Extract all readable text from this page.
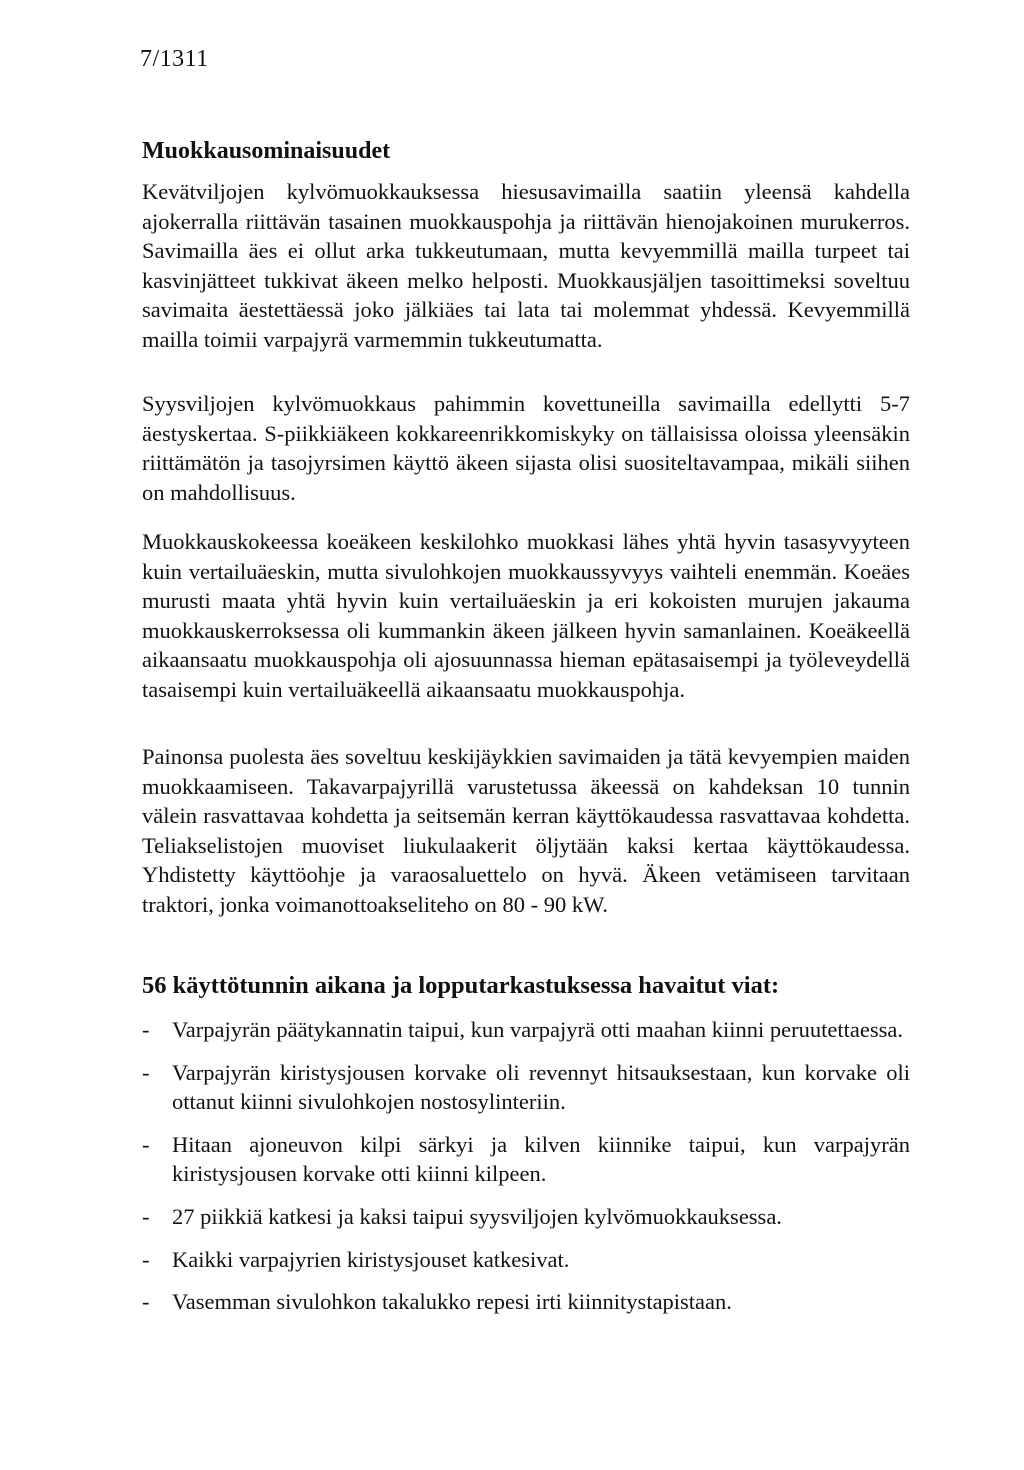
7/1311
Muokkausominaisuudet

Kevätviljojen kylvömuokkauksessa hiesusavimailla saatiin yleensä kahdella ajokerralla riittävän tasainen muokkauspohja ja riittävän hienojakoinen murukerros. Savimailla äes ei ollut arka tukkeutumaan, mutta kevyemmillä mailla turpeet tai kasvinjätteet tukkivat äkeen melko helposti. Muokkausjäljen tasoittimeksi soveltuu savimaita äestettäessä joko jälkiäes tai lata tai molemmat yhdessä. Kevyemmillä mailla toimii varpajyrä varmemmin tukkeutumatta.

Syysviljojen kylvömuokkaus pahimmin kovettuneilla savimailla edellytti 5-7 äestyskertaa. S-piikkiäkeen kokkareenrikkomiskyky on tällaisissa oloissa yleensäkin riittämätön ja tasojyrsimen käyttö äkeen sijasta olisi suositeltavampaa, mikäli siihen on mahdollisuus.

Muokkauskokeessa koeäkeen keskilohko muokkasi lähes yhtä hyvin tasasyvyyteen kuin vertailuäeskin, mutta sivulohkojen muokkaussyvyys vaihteli enemmän. Koeäes murusti maata yhtä hyvin kuin vertailuäeskin ja eri kokoisten murujen jakauma muokkauskerroksessa oli kummankin äkeen jälkeen hyvin samanlainen. Koeäkeellä aikaansaatu muokkauspohja oli ajosuunnassa hieman epätasaisempi ja työleveydellä tasaisempi kuin vertailuäkeellä aikaansaatu muokkauspohja.

Painonsa puolesta äes soveltuu keskijäykkien savimaiden ja tätä kevyempien maiden muokkaamiseen. Takavarpajyrillä varustetussa äkeessä on kahdeksan 10 tunnin välein rasvattavaa kohdetta ja seitsemän kerran käyttökaudessa rasvattavaa kohdetta. Teliakselistojen muoviset liukulaakerit öljytään kaksi kertaa käyttökaudessa. Yhdistetty käyttöohje ja varaosaluettelo on hyvä. Äkeen vetämiseen tarvitaan traktori, jonka voimanottoakseliteho on 80 - 90 kW.

56 käyttötunnin aikana ja lopputarkastuksessa havaitut viat:
- Varpajyrän päätykannatin taipui, kun varpajyrä otti maahan kiinni peruutettaessa.
- Varpajyrän kiristysjousen korvake oli revennyt hitsauksestaan, kun korvake oli ottanut kiinni sivulohkojen nostosylinteriin.
- Hitaan ajoneuvon kilpi särkyi ja kilven kiinnike taipui, kun varpajyrän kiristysjousen korvake otti kiinni kilpeen.
- 27 piikkiä katkesi ja kaksi taipui syysviljojen kylvömuokkauksessa.
- Kaikki varpajyrien kiristysjouset katkesivat.
- Vasemman sivulohkon takalukko repesi irti kiinnitystapistaan.
